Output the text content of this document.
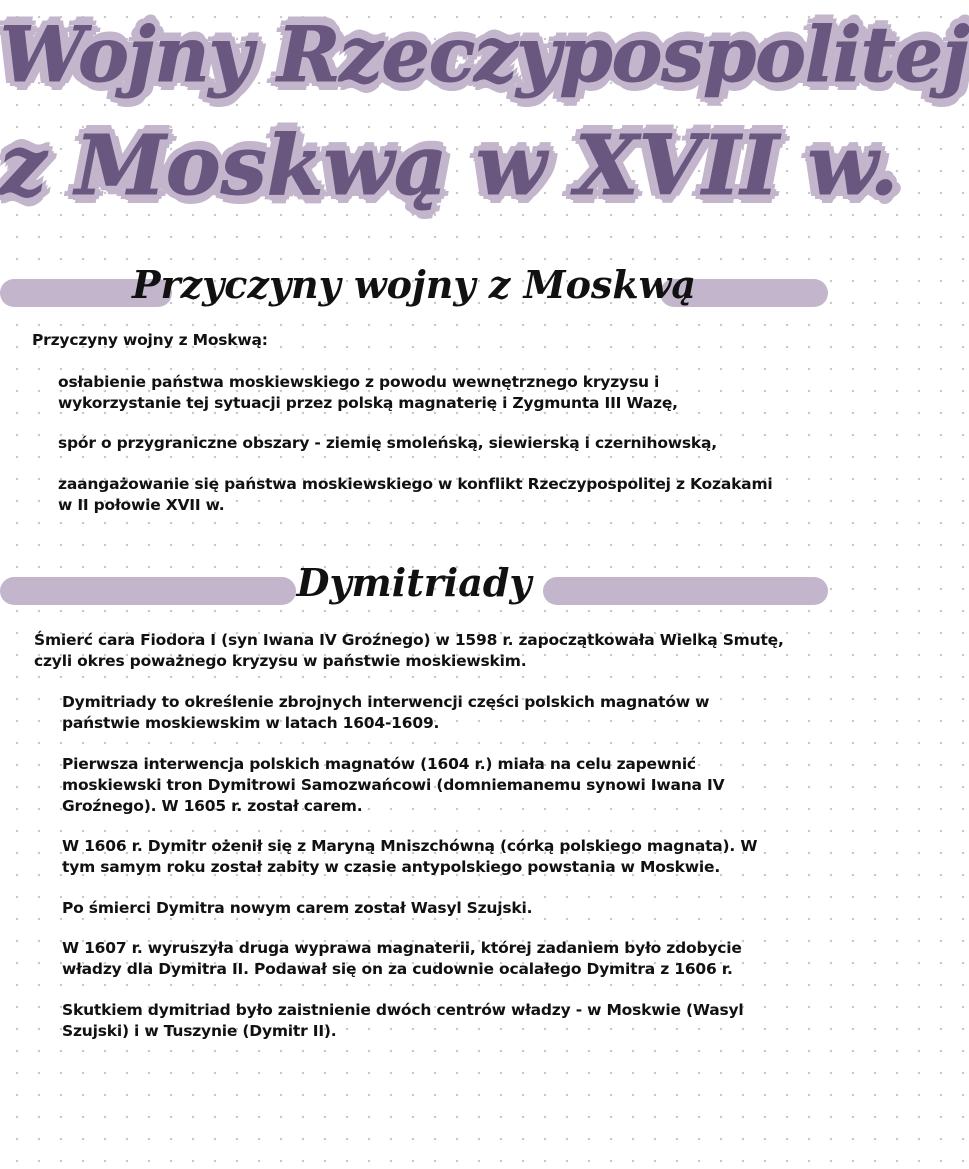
Wojny Rzeczypospolitej
z Moskwą w XVII w.
Przyczyny wojny z Moskwą
Przyczyny wojny z Moskwą:
osłabienie państwa moskiewskiego z powodu wewnętrznego kryzysu i wykorzystanie tej sytuacji przez polską magnaterię i Zygmunta III Wazę,
spór o przygraniczne obszary - ziemię smoleńską, siewierską i czernihowską,
zaangażowanie się państwa moskiewskiego w konflikt Rzeczypospolitej z Kozakami w II połowie XVII w.
Dymitriady
Śmierć cara Fiodora I (syn Iwana IV Groźnego) w 1598 r. zapoczątkowała Wielką Smutę, czyli okres poważnego kryzysu w państwie moskiewskim.
Dymitriady to określenie zbrojnych interwencji części polskich magnatów w państwie moskiewskim w latach 1604-1609.
Pierwsza interwencja polskich magnatów (1604 r.) miała na celu zapewnić moskiewski tron Dymitrowi Samozwańcowi (domniemanemu synowi Iwana IV Groźnego). W 1605 r. został carem.
W 1606 r. Dymitr ożenił się z Maryną Mniszchówną (córką polskiego magnata). W tym samym roku został zabity w czasie antypolskiego powstania w Moskwie.
Po śmierci Dymitra nowym carem został Wasyl Szujski.
W 1607 r. wyruszyła druga wyprawa magnaterii, której zadaniem było zdobycie władzy dla Dymitra II. Podawał się on za cudownie ocalałego Dymitra z 1606 r.
Skutkiem dymitriad było zaistnienie dwóch centrów władzy - w Moskwie (Wasyl Szujski) i w Tuszynie (Dymitr II).
